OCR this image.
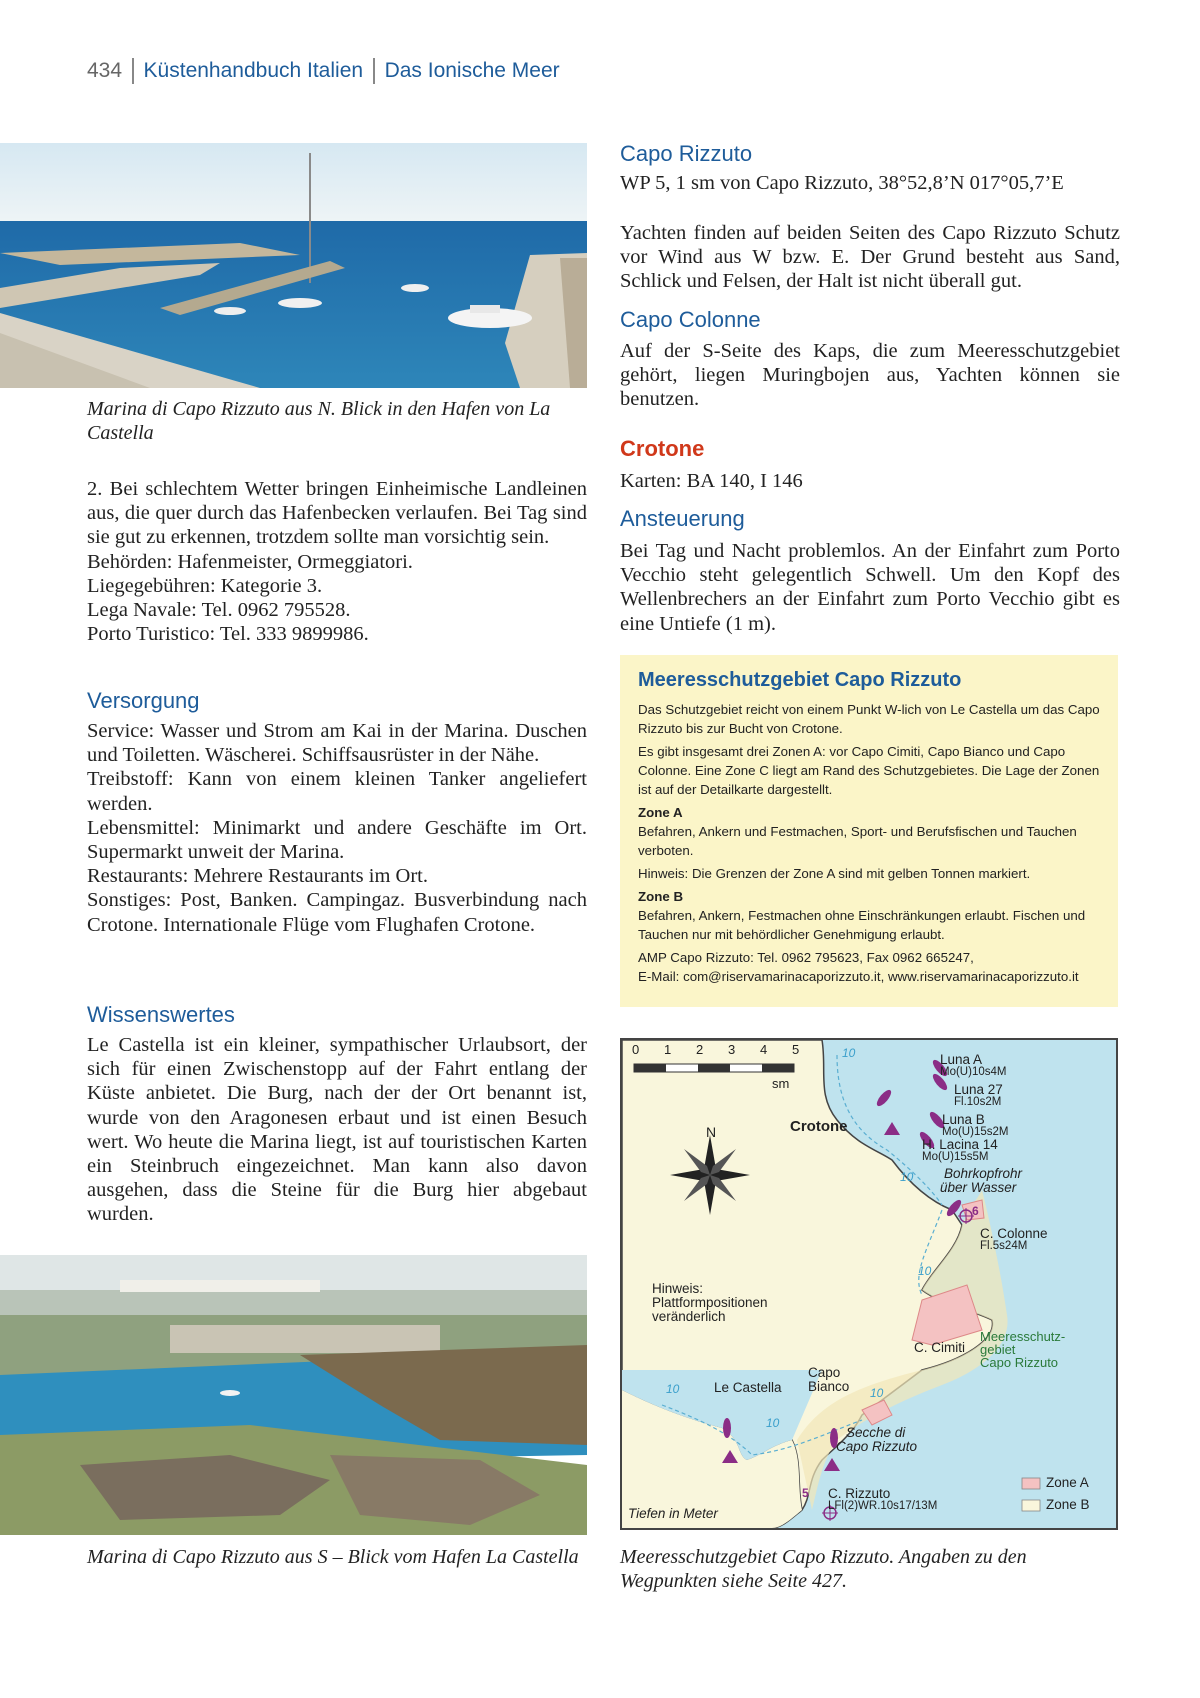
434 Küstenhandbuch Italien Das Ionische Meer
Marina di Capo Rizzuto aus N. Blick in den Hafen von La Castella

2. Bei schlechtem Wetter bringen Einheimische Landleinen aus, die quer durch das Hafenbecken verlaufen. Bei Tag sind sie gut zu erkennen, trotzdem sollte man vorsichtig sein.

Behörden: Hafenmeister, Ormeggiatori.

Liegegebühren: Kategorie 3.

Lega Navale: Tel. 0962 795528.

Porto Turistico: Tel. 333 9899986.

Versorgung

Service: Wasser und Strom am Kai in der Marina. Duschen und Toiletten. Wäscherei. Schiffsausrüster in der Nähe.

Treibstoff: Kann von einem kleinen Tanker angeliefert werden.

Lebensmittel: Minimarkt und andere Geschäfte im Ort. Supermarkt unweit der Marina.

Restaurants: Mehrere Restaurants im Ort.

Sonstiges: Post, Banken. Campingaz. Busverbindung nach Crotone. Internationale Flüge vom Flughafen Crotone.

Wissenswertes

Le Castella ist ein kleiner, sympathischer Urlaubsort, der sich für einen Zwischenstopp auf der Fahrt entlang der Küste anbietet. Die Burg, nach der der Ort benannt ist, wurde von den Aragonesen erbaut und ist einen Besuch wert. Wo heute die Marina liegt, ist auf touristischen Karten ein Steinbruch eingezeichnet. Man kann also davon ausgehen, dass die Steine für die Burg hier abgebaut wurden.

Marina di Capo Rizzuto aus S – Blick vom Hafen La Castella
Capo Rizzuto
WP 5, 1 sm von Capo Rizzuto, 38°52,8’N 017°05,7’E
Yachten finden auf beiden Seiten des Capo Rizzuto Schutz vor Wind aus W bzw. E. Der Grund besteht aus Sand, Schlick und Felsen, der Halt ist nicht überall gut.
Capo Colonne
Auf der S-Seite des Kaps, die zum Meeresschutzgebiet gehört, liegen Muringbojen aus, Yachten können sie benutzen.
Crotone
Karten: BA 140, I 146
Ansteuerung
Bei Tag und Nacht problemlos. An der Einfahrt zum Porto Vecchio steht gelegentlich Schwell. Um den Kopf des Wellenbrechers an der Einfahrt zum Porto Vecchio gibt es eine Untiefe (1 m).
Meeresschutzgebiet Capo Rizzuto

Das Schutzgebiet reicht von einem Punkt W-lich von Le Castella um das Capo Rizzuto bis zur Bucht von Crotone.

Es gibt insgesamt drei Zonen A: vor Capo Cimiti, Capo Bianco und Capo Colonne. Eine Zone C liegt am Rand des Schutzgebietes. Die Lage der Zonen ist auf der Detailkarte dargestellt.

Zone A

Befahren, Ankern und Festmachen, Sport- und Berufsfischen und Tauchen verboten.

Hinweis: Die Grenzen der Zone A sind mit gelben Tonnen markiert.

Zone B

Befahren, Ankern, Festmachen ohne Einschränkungen erlaubt. Fischen und Tauchen nur mit behördlicher Genehmigung erlaubt.

AMP Capo Rizzuto: Tel. 0962 795623, Fax 0962 665247,

E-Mail: com@riservamarinacaporizzuto.it, www.riservamarinacaporizzuto.it

0 1 2 3 4 5
sm
N	Crotone
Luna A
Mo(U)10s4M
Luna 27
Fl.10s2M
Luna B
Mo(U)15s2M
H. Lacina 14
Mo(U)15s5M
Bohrkopfrohr
über Wasser
6
C. Colonne
Fl.5s24M
Hinweis:
Plattformpositionen
veränderlich
C. Cimiti
Meeresschutz-
gebiet
Capo Rizzuto
Capo
Bianco
Le Castella
Secche di
Capo Rizzuto
5 C. Rizzuto
LFl(2)WR.10s17/13M
10
10
10
10	10
10
Tiefen in Meter
Zone A
Zone B
Meeresschutzgebiet Capo Rizzuto. Angaben zu den Wegpunkten siehe Seite 427.
